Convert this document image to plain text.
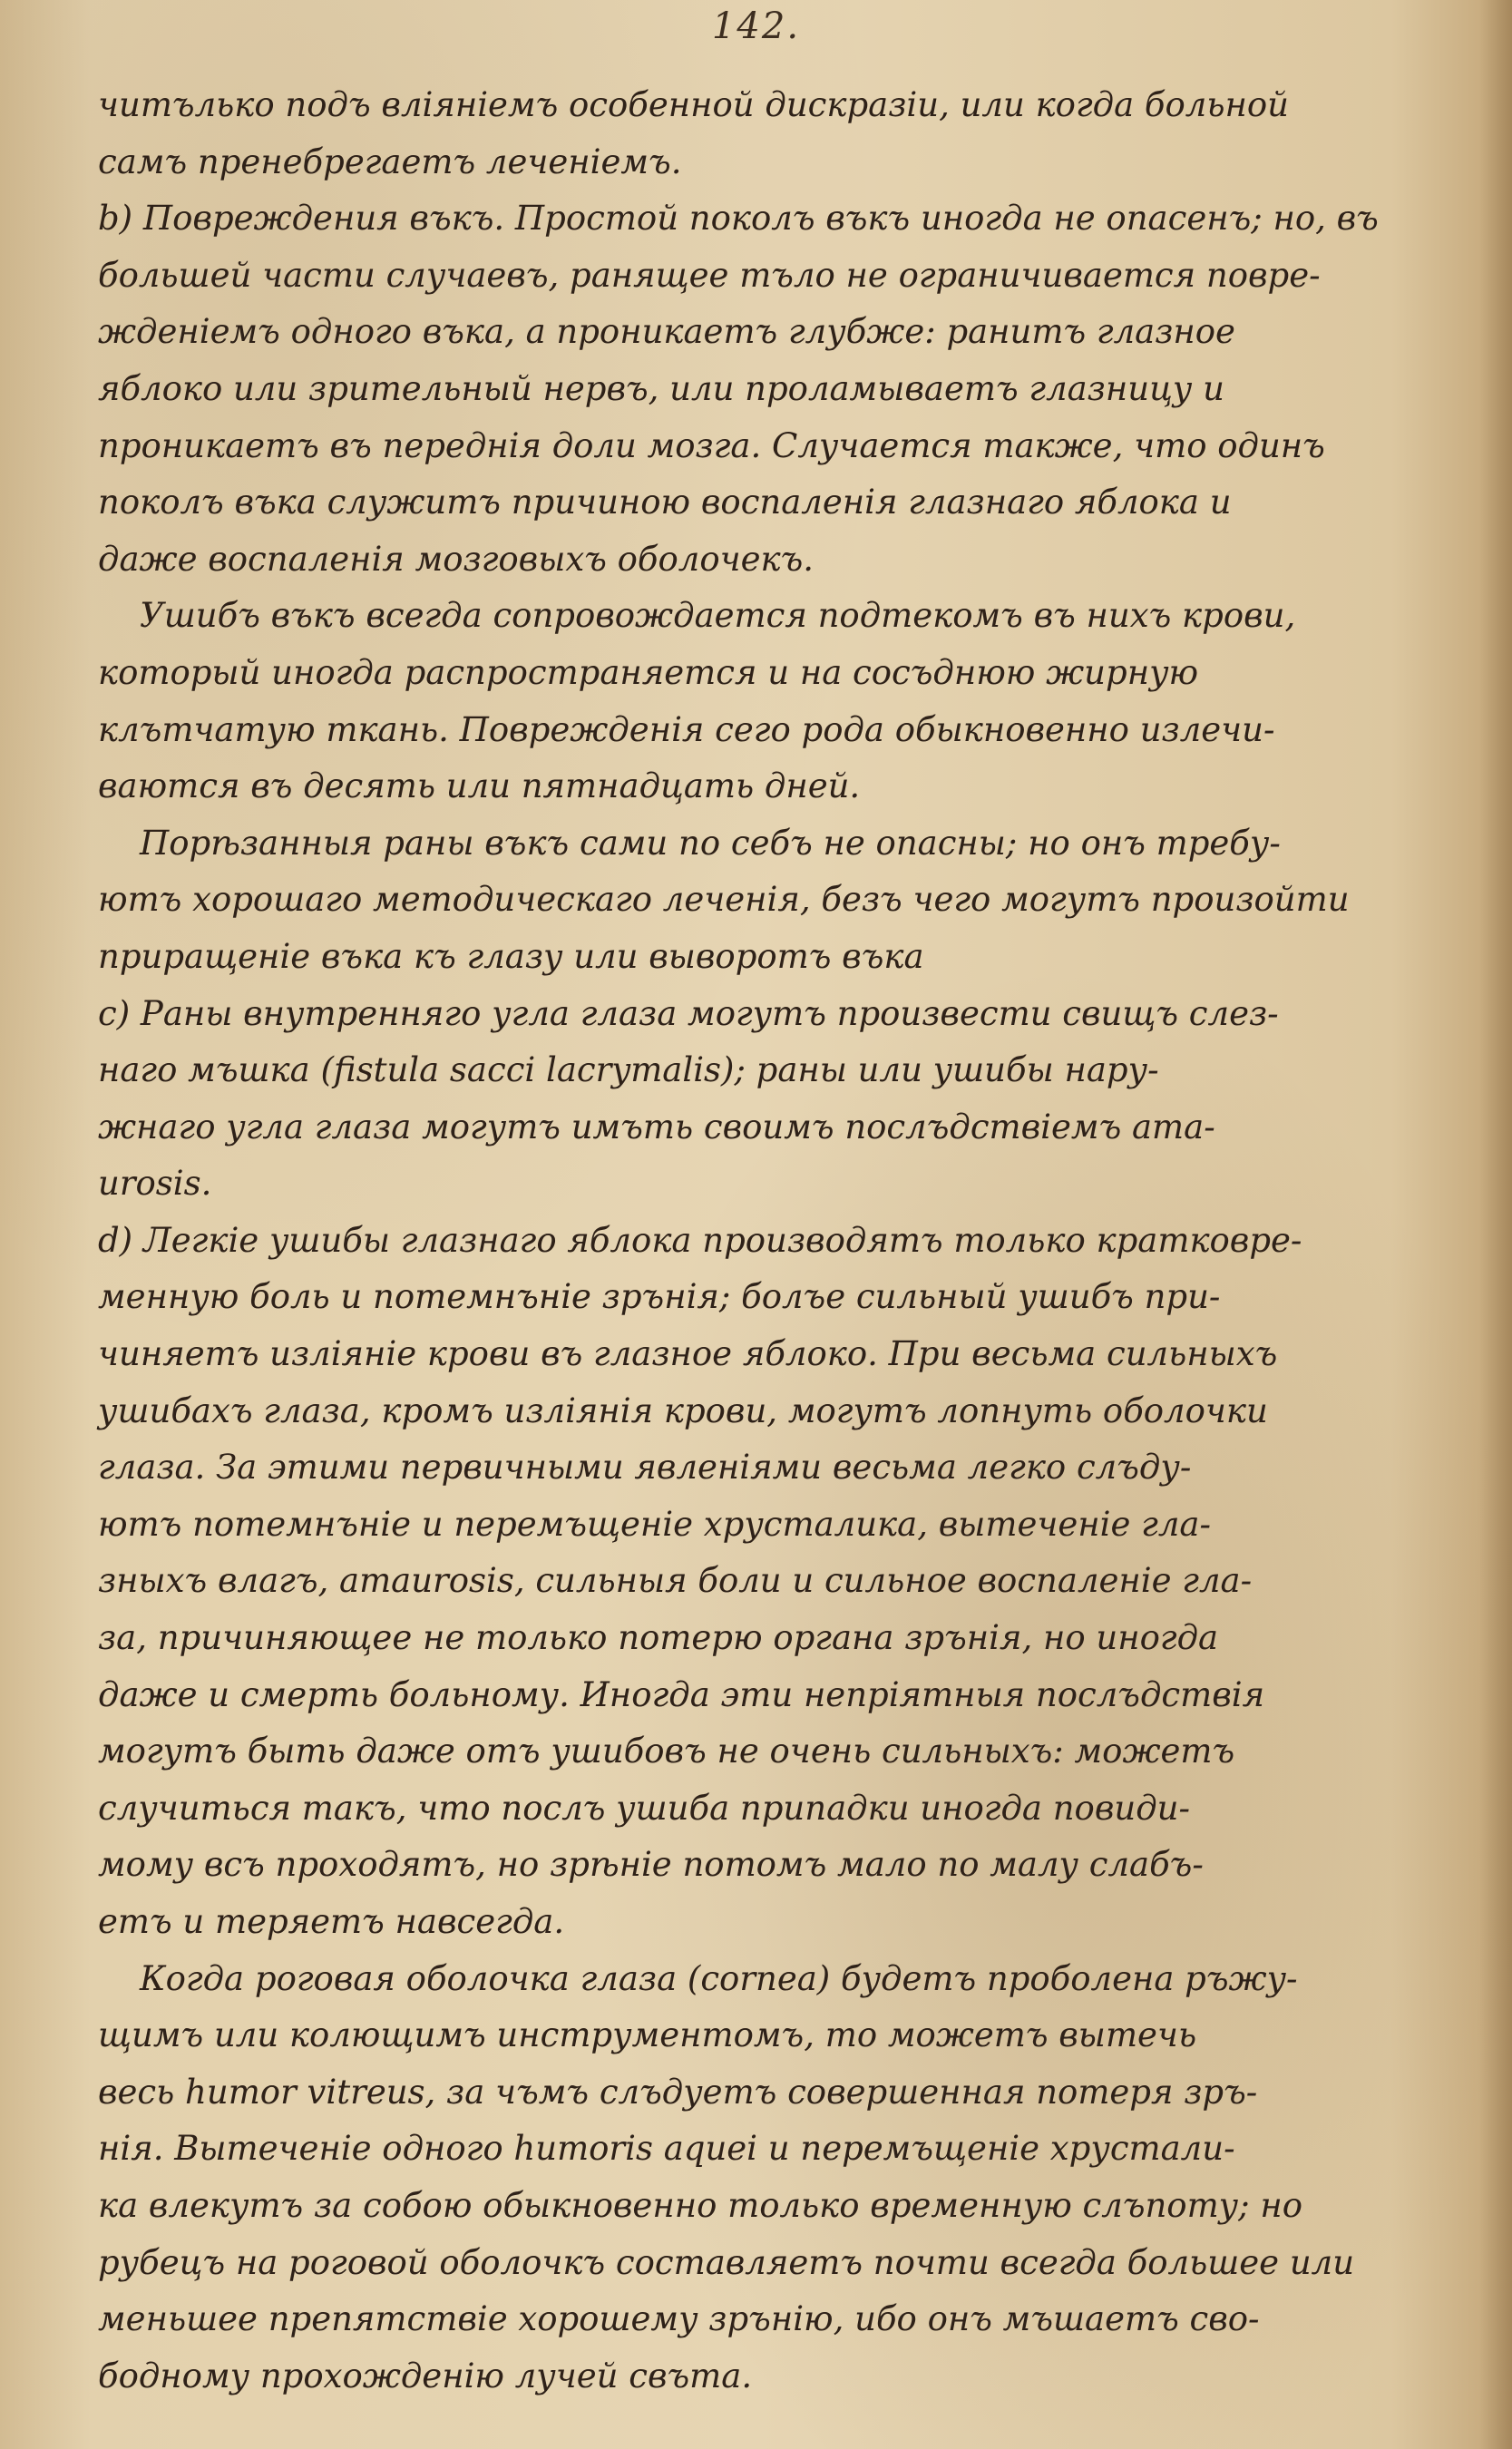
142.
читълько подъ вліяніемъ особенной дискразіи, или когда больной
самъ пренебрегаетъ леченіемъ.
b) Повреждения въкъ. Простой поколъ въкъ иногда не опасенъ; но, въ
большей части случаевъ, ранящее тъло не ограничивается повре-
жденіемъ одного въка, а проникаетъ глубже: ранитъ глазное
яблоко или зрительный нервъ, или проламываетъ глазницу и
проникаетъ въ переднія доли мозга. Случается также, что одинъ
поколъ въка служитъ причиною воспаленія глазнаго яблока и
даже воспаленія мозговыхъ оболочекъ.
Ушибъ въкъ всегда сопровождается подтекомъ въ нихъ крови,
который иногда распространяется и на сосъднюю жирную
клътчатую ткань. Поврежденія сего рода обыкновенно излечи-
ваются въ десять или пятнадцать дней.
Порѣзанныя раны въкъ сами по себъ не опасны; но онъ требу-
ютъ хорошаго методическаго леченія, безъ чего могутъ произойти
приращеніе въка къ глазу или выворотъ въка
c) Раны внутренняго угла глаза могутъ произвести свищъ слез-
наго мъшка (fistula sacci lacrymalis); раны или ушибы нару-
жнаго угла глаза могутъ имъть своимъ послъдствіемъ ama-
urosis.
d) Легкіе ушибы глазнаго яблока производятъ только кратковре-
менную боль и потемнъніе зрънія; болъе сильный ушибъ при-
чиняетъ изліяніе крови въ глазное яблоко. При весьма сильныхъ
ушибахъ глаза, кромъ изліянія крови, могутъ лопнуть оболочки
глаза. За этими первичными явленіями весьма легко слъду-
ютъ потемнъніе и перемъщеніе хрусталика, вытеченіе гла-
зныхъ влагъ, amaurosis, сильныя боли и сильное воспаленіе гла-
за, причиняющее не только потерю органа зрънія, но иногда
даже и смерть больному. Иногда эти непріятныя послъдствія
могутъ быть даже отъ ушибовъ не очень сильныхъ: можетъ
случиться такъ, что послъ ушиба припадки иногда повиди-
мому всъ проходятъ, но зрѣніе потомъ мало по малу слабъ-
етъ и теряетъ навсегда.
Когда роговая оболочка глаза (cornea) будетъ проболена ръжу-
щимъ или колющимъ инструментомъ, то можетъ вытечь
весь humor vitreus, за чъмъ слъдуетъ совершенная потеря зръ-
нія. Вытеченіе одного humoris aquei и перемъщеніе хрустали-
ка влекутъ за собою обыкновенно только временную слъпоту; но
рубецъ на роговой оболочкъ составляетъ почти всегда большее или
меньшее препятствіе хорошему зрънію, ибо онъ мъшаетъ сво-
бодному прохожденію лучей свъта.
